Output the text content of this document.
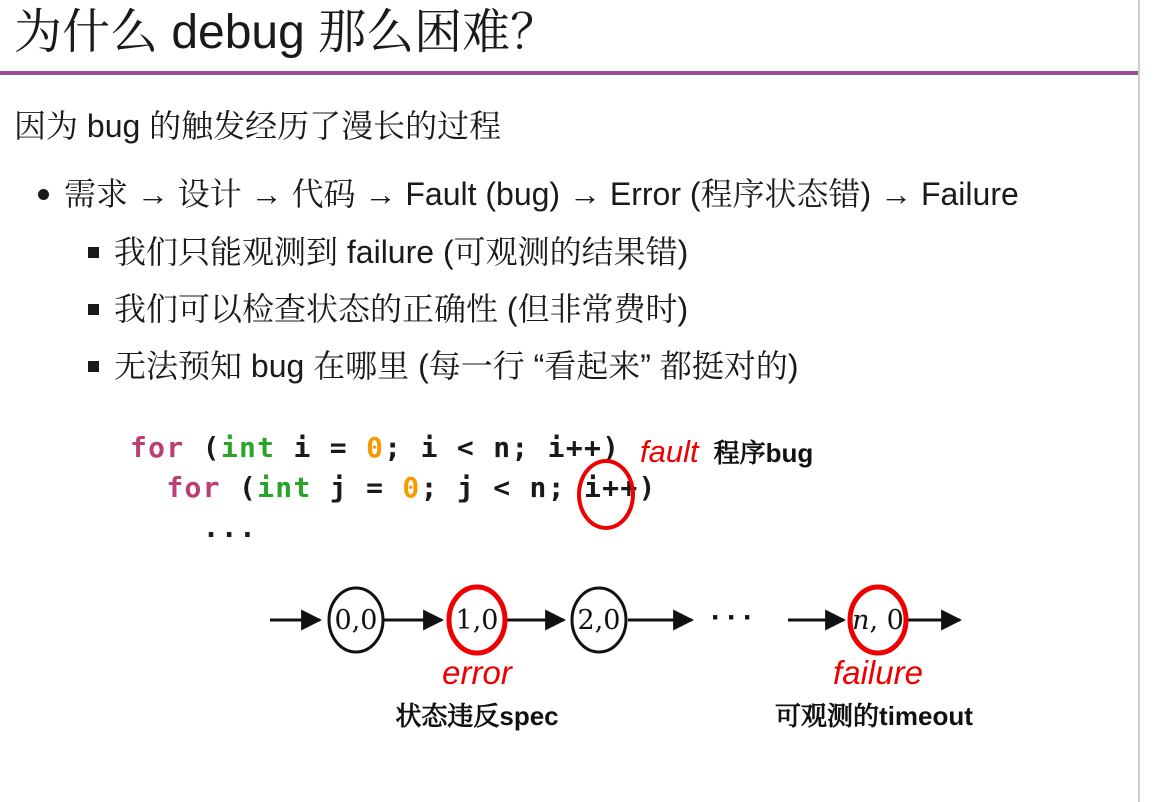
为什么 debug 那么困难？
因为 bug 的触发经历了漫长的过程
需求 → 设计 → 代码 → Fault (bug) → Error (程序状态错) → Failure
我们只能观测到 failure (可观测的结果错)
我们可以检查状态的正确性 (但非常费时)
无法预知 bug 在哪里 (每一行 “看起来” 都挺对的)
for (int i = 0; i < n; i++)
for (int j = 0; j < n; i++)
...
fault 程序bug
0,0	1,0	2,0	···	n, 0
error	failure
状态违反spec	可观测的timeout
